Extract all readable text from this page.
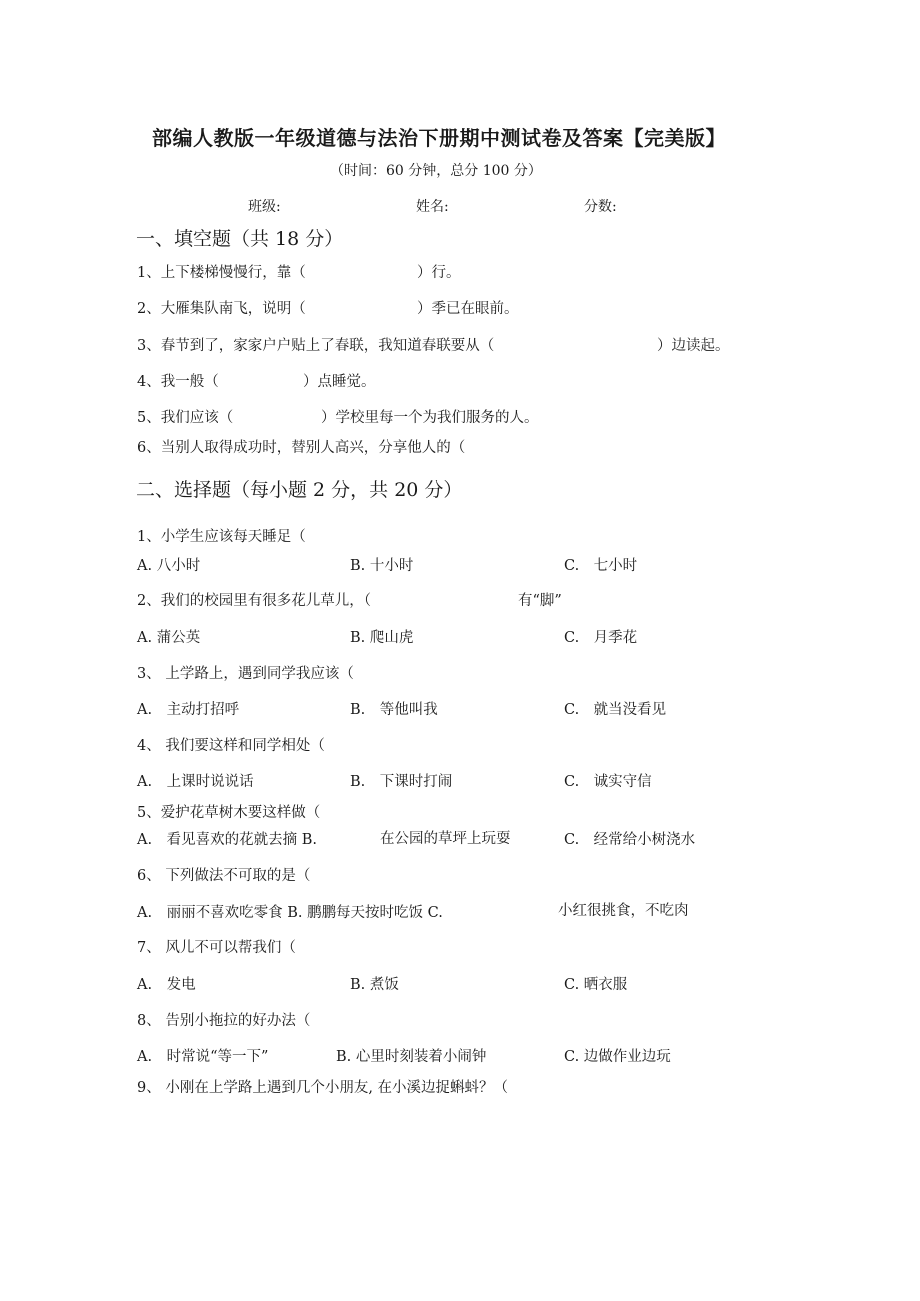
部编人教版一年级道德与法治下册期中测试卷及答案【完美版】
（时间：60 分钟，总分 100 分）
班级:	姓名:	分数:
一、填空题（共 18 分）
1、上下楼梯慢慢行，靠（	）行。
2、大雁集队南飞，说明（	）季已在眼前。
3、春节到了，家家户户贴上了春联，我知道春联要从（	）边读起。
4、我一般（	）点睡觉。
5、我们应该（	）学校里每一个为我们服务的人。
6、当别人取得成功时，替别人高兴，分享他人的（
二、选择题（每小题 2 分，共 20 分）
1、小学生应该每天睡足（
A. 八小时	B. 十小时	C.　七小时
2、我们的校园里有很多花儿草儿，（	有“脚”
A. 蒲公英	B. 爬山虎	C.　月季花
3、 上学路上，遇到同学我应该（
A.　主动打招呼	B.　等他叫我	C.　就当没看见
4、 我们要这样和同学相处（
A.　上课时说说话	B.　下课时打闹	C.　诚实守信
5、爱护花草树木要这样做（
A.　看见喜欢的花就去摘 B.	在公园的草坪上玩耍	C.　经常给小树浇水
6、 下列做法不可取的是（
A.　丽丽不喜欢吃零食 B. 鹏鹏每天按时吃饭 C.	小红很挑食，不吃肉
7、 风儿不可以帮我们（
A.　发电	B. 煮饭	C. 晒衣服
8、 告别小拖拉的好办法（
A.　时常说“等一下”	B. 心里时刻装着小闹钟	C. 边做作业边玩
9、 小刚在上学路上遇到几个小朋友, 在小溪边捉蝌蚪？（
